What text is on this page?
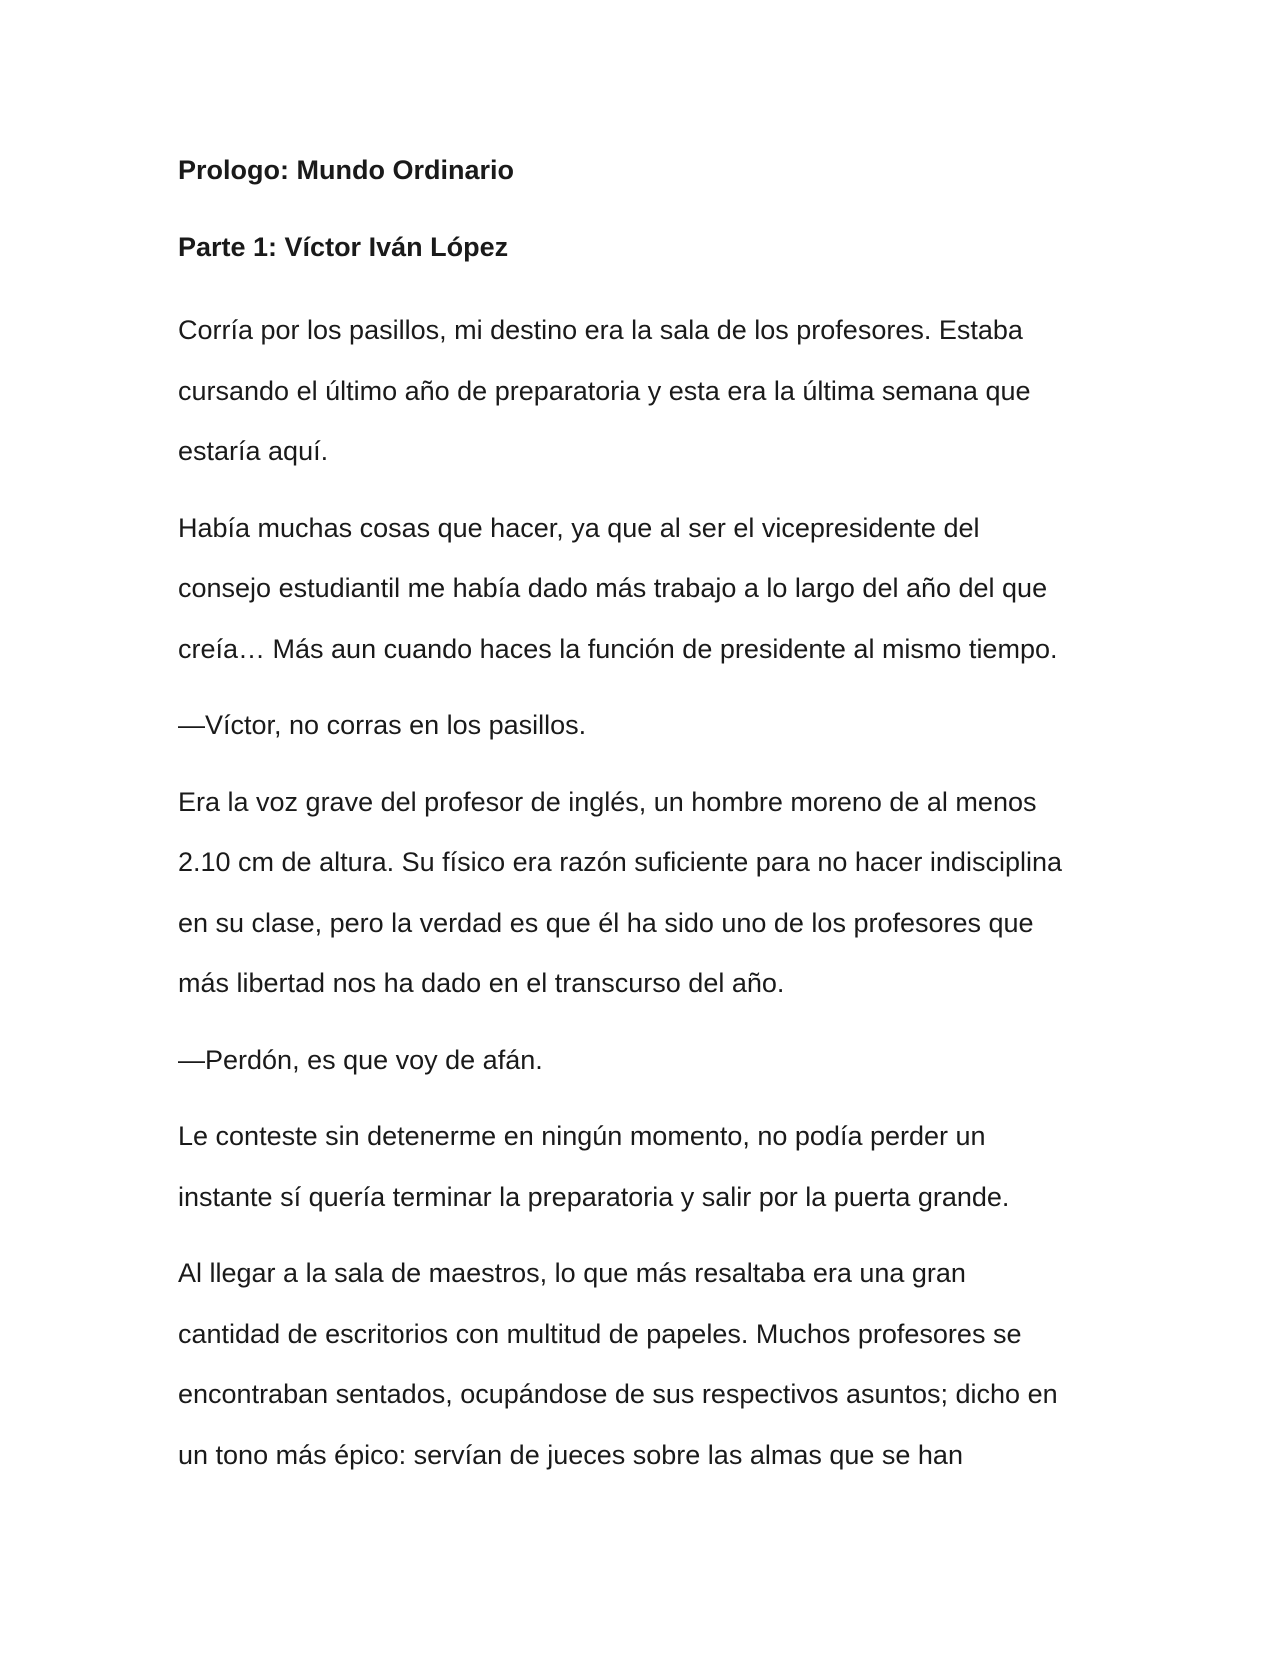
Prologo: Mundo Ordinario
Parte 1: Víctor Iván López

Corría por los pasillos, mi destino era la sala de los profesores. Estaba
cursando el último año de preparatoria y esta era la última semana que
estaría aquí.

Había muchas cosas que hacer, ya que al ser el vicepresidente del
consejo estudiantil me había dado más trabajo a lo largo del año del que
creía… Más aun cuando haces la función de presidente al mismo tiempo.

—Víctor, no corras en los pasillos.

Era la voz grave del profesor de inglés, un hombre moreno de al menos
2.10 cm de altura. Su físico era razón suficiente para no hacer indisciplina
en su clase, pero la verdad es que él ha sido uno de los profesores que
más libertad nos ha dado en el transcurso del año.

—Perdón, es que voy de afán.

Le conteste sin detenerme en ningún momento, no podía perder un
instante sí quería terminar la preparatoria y salir por la puerta grande.

Al llegar a la sala de maestros, lo que más resaltaba era una gran
cantidad de escritorios con multitud de papeles. Muchos profesores se
encontraban sentados, ocupándose de sus respectivos asuntos; dicho en
un tono más épico: servían de jueces sobre las almas que se han
